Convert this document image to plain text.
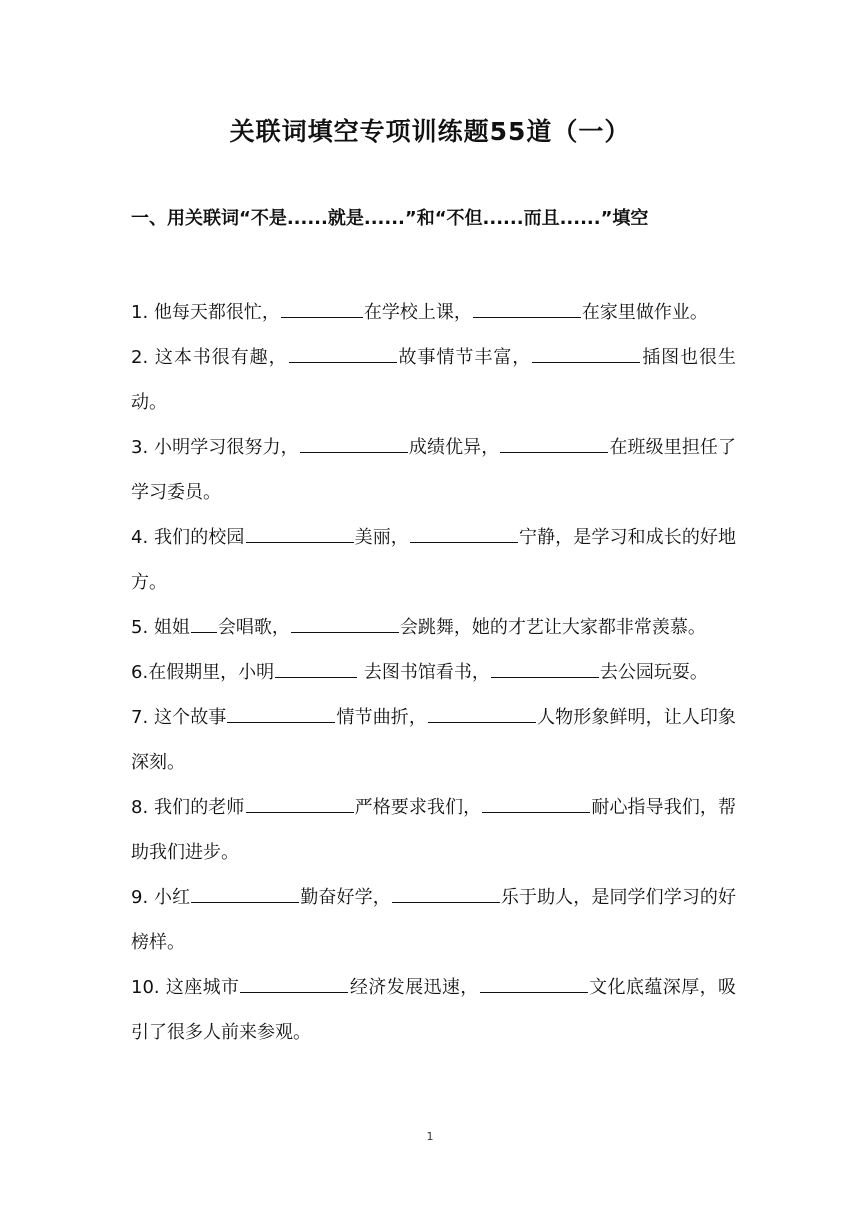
关联词填空专项训练题55道（一）
一、用关联词“不是......就是......”和“不但......而且......”填空
1. 他每天都很忙，	在学校上课，	在家里做作业。
2. 这本书很有趣，	故事情节丰富，	插图也很生动。
3. 小明学习很努力，	成绩优异，	在班级里担任了学习委员。
4. 我们的校园	美丽，	宁静，是学习和成长的好地方。
5. 姐姐 会唱歌，	会跳舞，她的才艺让大家都非常羡慕。
6.在假期里，小明	去图书馆看书，	去公园玩耍。
7. 这个故事	情节曲折，	人物形象鲜明，让人印象深刻。
8. 我们的老师	严格要求我们，	耐心指导我们，帮助我们进步。
9. 小红	勤奋好学，	乐于助人，是同学们学习的好榜样。
10. 这座城市	经济发展迅速，	文化底蕴深厚，吸引了很多人前来参观。
1
